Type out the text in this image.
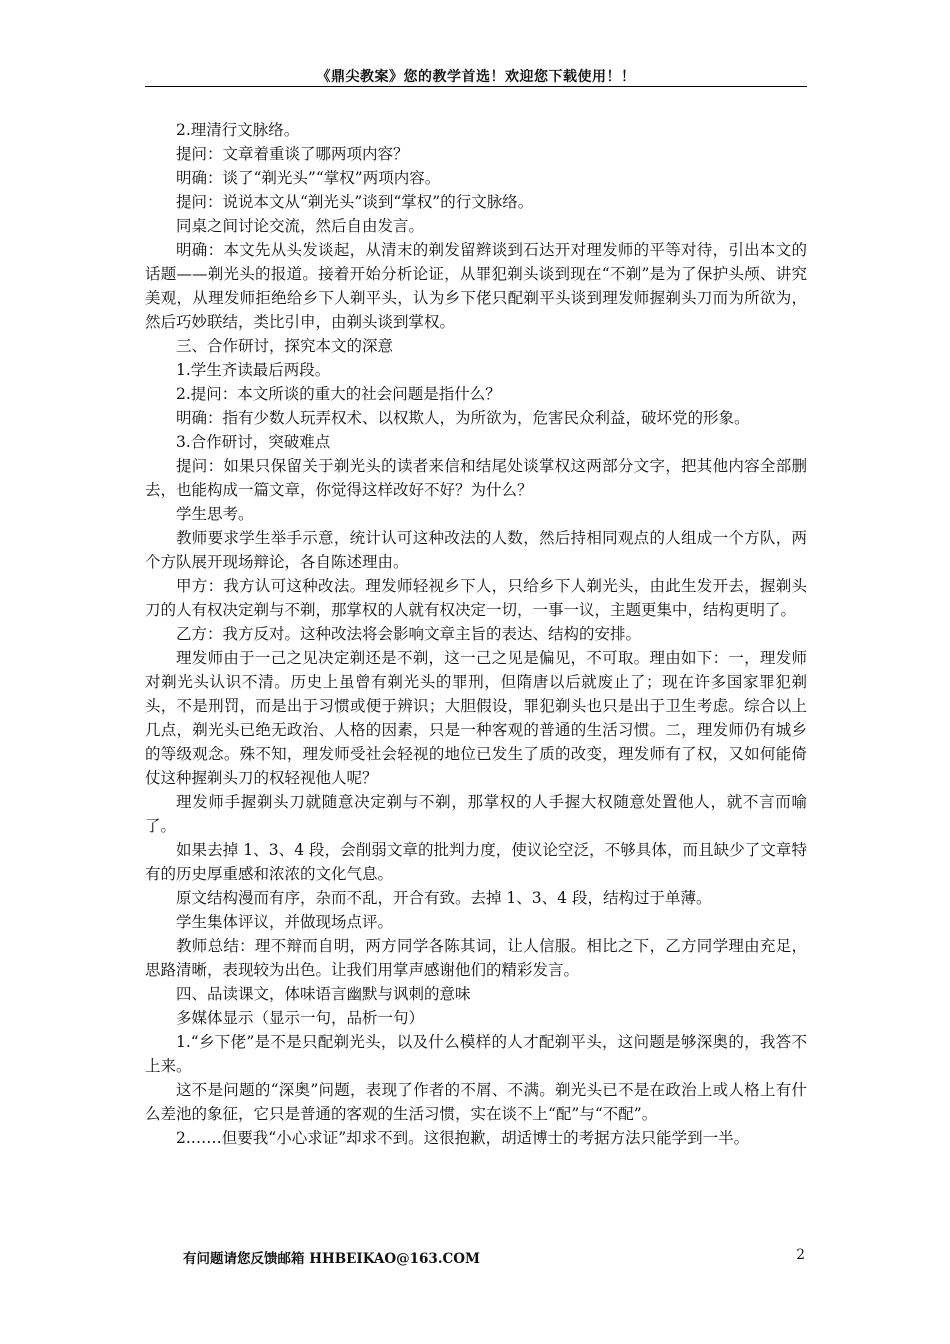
《鼎尖教案》您的教学首选！欢迎您下载使用！！

2.理清行文脉络。

提问：文章着重谈了哪两项内容？

明确：谈了“剃光头”“掌权”两项内容。

提问：说说本文从“剃光头”谈到“掌权”的行文脉络。

同桌之间讨论交流，然后自由发言。

明确：本文先从头发谈起，从清末的剃发留辫谈到石达开对理发师的平等对待，引出本文的话题——剃光头的报道。接着开始分析论证，从罪犯剃头谈到现在“不剃”是为了保护头颅、讲究美观，从理发师拒绝给乡下人剃平头，认为乡下佬只配剃平头谈到理发师握剃头刀而为所欲为，然后巧妙联结，类比引申，由剃头谈到掌权。

三、合作研讨，探究本文的深意

1.学生齐读最后两段。

2.提问：本文所谈的重大的社会问题是指什么？

明确：指有少数人玩弄权术、以权欺人，为所欲为，危害民众利益，破坏党的形象。

3.合作研讨，突破难点

提问：如果只保留关于剃光头的读者来信和结尾处谈掌权这两部分文字，把其他内容全部删去，也能构成一篇文章，你觉得这样改好不好？为什么？

学生思考。

教师要求学生举手示意，统计认可这种改法的人数，然后持相同观点的人组成一个方队，两个方队展开现场辩论，各自陈述理由。

甲方：我方认可这种改法。理发师轻视乡下人，只给乡下人剃光头，由此生发开去，握剃头刀的人有权决定剃与不剃，那掌权的人就有权决定一切，一事一议，主题更集中，结构更明了。

乙方：我方反对。这种改法将会影响文章主旨的表达、结构的安排。

理发师由于一己之见决定剃还是不剃，这一己之见是偏见，不可取。理由如下：一，理发师对剃光头认识不清。历史上虽曾有剃光头的罪刑，但隋唐以后就废止了；现在许多国家罪犯剃头，不是刑罚，而是出于习惯或便于辨识；大胆假设，罪犯剃头也只是出于卫生考虑。综合以上几点，剃光头已绝无政治、人格的因素，只是一种客观的普通的生活习惯。二，理发师仍有城乡的等级观念。殊不知，理发师受社会轻视的地位已发生了质的改变，理发师有了权，又如何能倚仗这种握剃头刀的权轻视他人呢？

理发师手握剃头刀就随意决定剃与不剃，那掌权的人手握大权随意处置他人，就不言而喻了。

如果去掉 1、3、4 段，会削弱文章的批判力度，使议论空泛，不够具体，而且缺少了文章特有的历史厚重感和浓浓的文化气息。

原文结构漫而有序，杂而不乱，开合有致。去掉 1、3、4 段，结构过于单薄。

学生集体评议，并做现场点评。

教师总结：理不辩而自明，两方同学各陈其词，让人信服。相比之下，乙方同学理由充足，思路清晰，表现较为出色。让我们用掌声感谢他们的精彩发言。

四、品读课文，体味语言幽默与讽刺的意味

多媒体显示（显示一句，品析一句）

1.“乡下佬”是不是只配剃光头，以及什么模样的人才配剃平头，这问题是够深奥的，我答不上来。

这不是问题的“深奥”问题，表现了作者的不屑、不满。剃光头已不是在政治上或人格上有什么差池的象征，它只是普通的客观的生活习惯，实在谈不上“配”与“不配”。

2.……但要我“小心求证”却求不到。这很抱歉，胡适博士的考据方法只能学到一半。

有问题请您反馈邮箱 HHBEIKAO@163.COM	2
